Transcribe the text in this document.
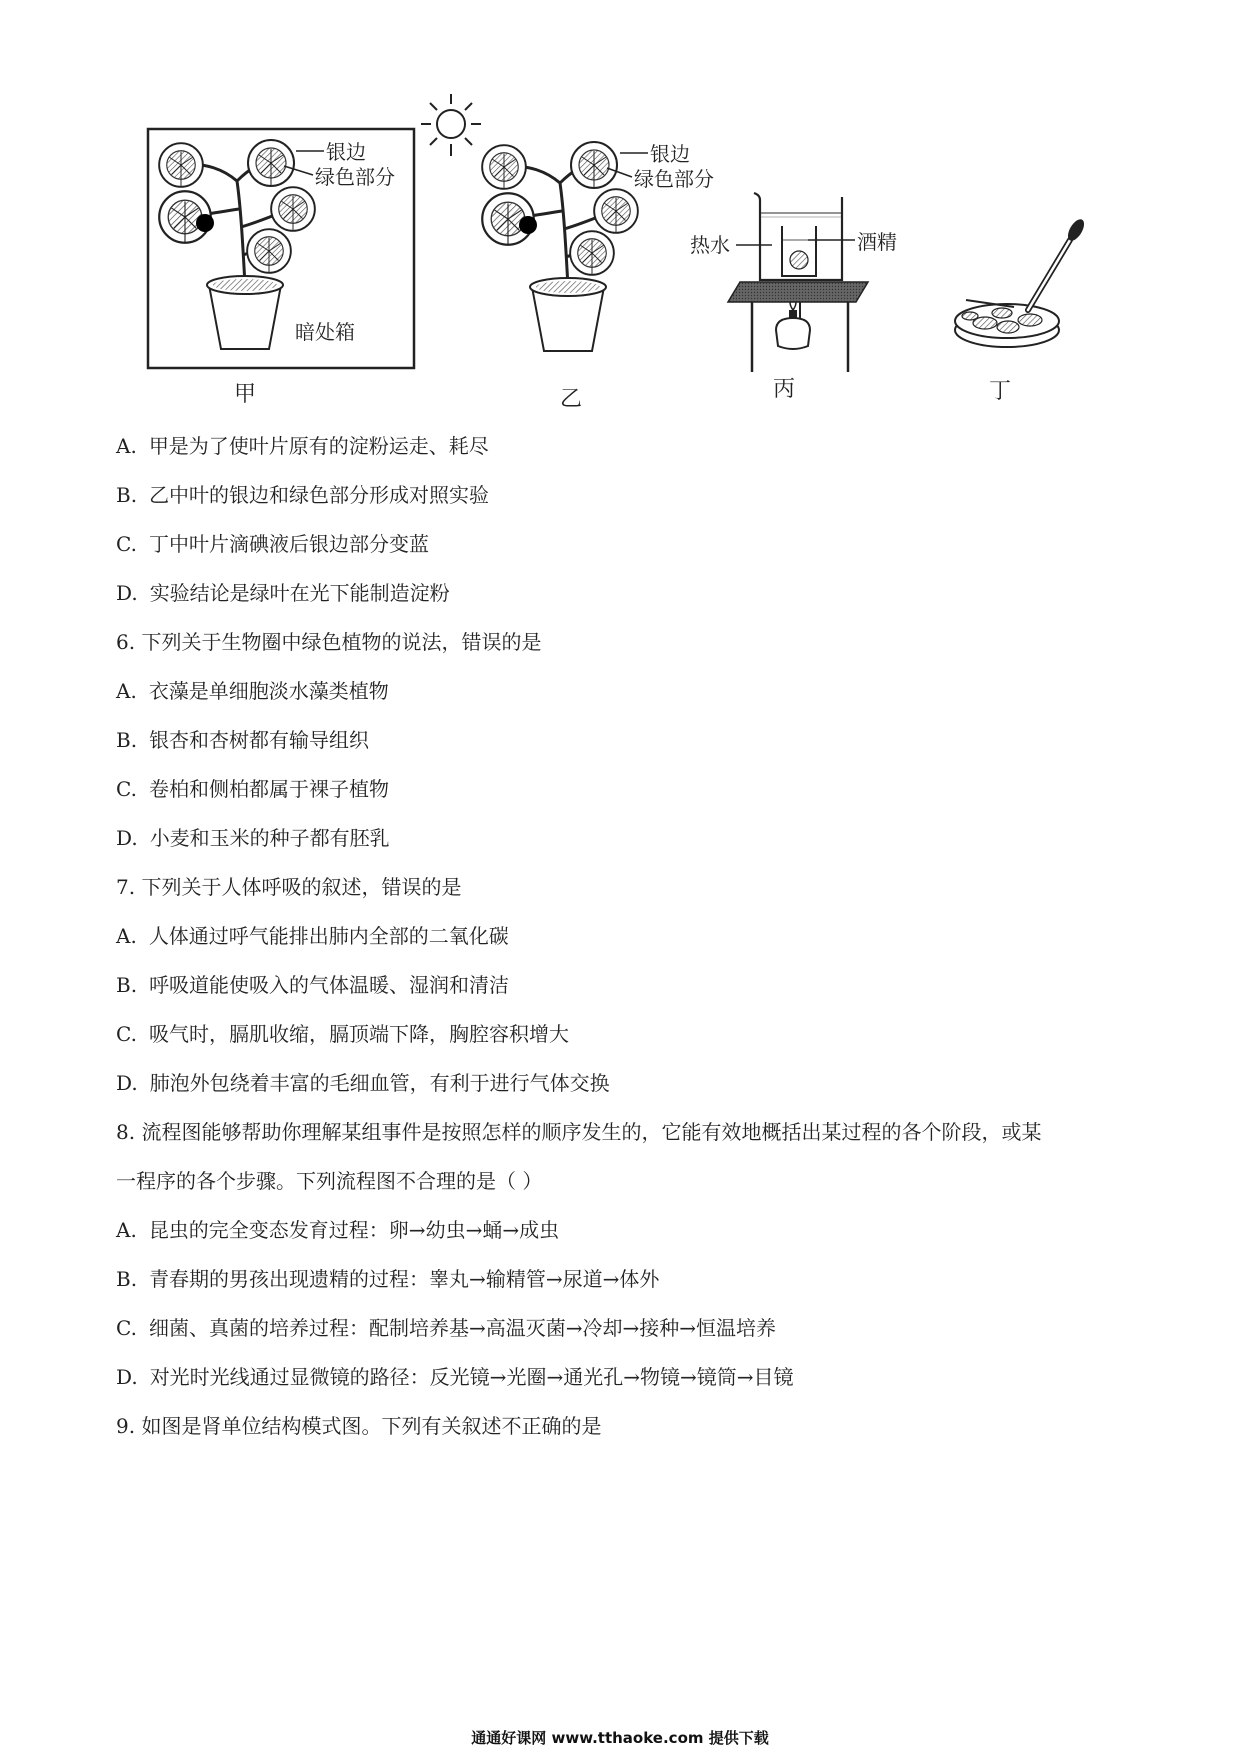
银边
绿色部分
暗处箱
银边
绿色部分
热水	酒精
甲	乙	丙	丁
A. 甲是为了使叶片原有的淀粉运走、耗尽
B. 乙中叶的银边和绿色部分形成对照实验
C. 丁中叶片滴碘液后银边部分变蓝
D. 实验结论是绿叶在光下能制造淀粉
6. 下列关于生物圈中绿色植物的说法，错误的是
A. 衣藻是单细胞淡水藻类植物
B. 银杏和杏树都有输导组织
C. 卷柏和侧柏都属于裸子植物
D. 小麦和玉米的种子都有胚乳
7. 下列关于人体呼吸的叙述，错误的是
A. 人体通过呼气能排出肺内全部的二氧化碳
B. 呼吸道能使吸入的气体温暖、湿润和清洁
C. 吸气时，膈肌收缩，膈顶端下降，胸腔容积增大
D. 肺泡外包绕着丰富的毛细血管，有利于进行气体交换
8. 流程图能够帮助你理解某组事件是按照怎样的顺序发生的，它能有效地概括出某过程的各个阶段，或某
一程序的各个步骤。下列流程图不合理的是（ ）
A. 昆虫的完全变态发育过程：卵→幼虫→蛹→成虫
B. 青春期的男孩出现遗精的过程：睾丸→输精管→尿道→体外
C. 细菌、真菌的培养过程：配制培养基→高温灭菌→冷却→接种→恒温培养
D. 对光时光线通过显微镜的路径：反光镜→光圈→通光孔→物镜→镜筒→目镜
9. 如图是肾单位结构模式图。下列有关叙述不正确的是
通通好课网 www.tthaoke.com 提供下载
